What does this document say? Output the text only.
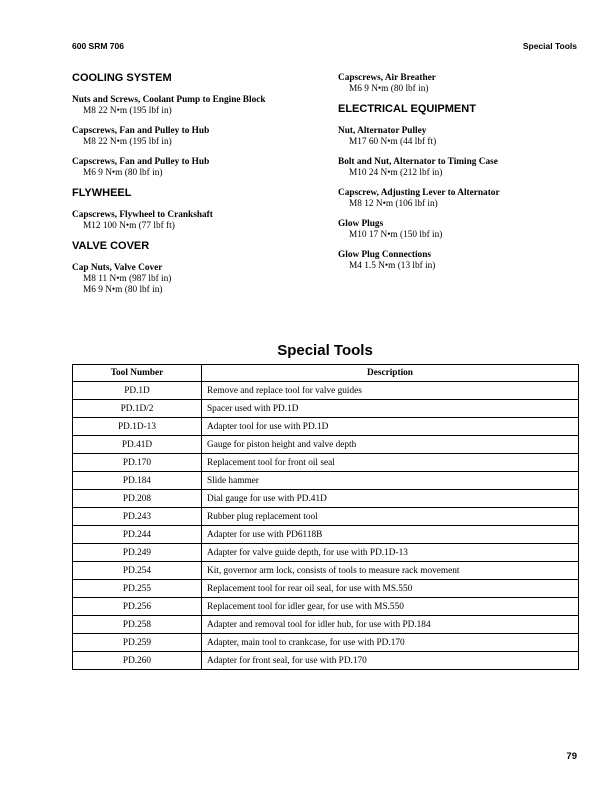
600 SRM 706	Special Tools
COOLING SYSTEM
Nuts and Screws, Coolant Pump to Engine Block
M8 22 N•m (195 lbf in)
Capscrews, Fan and Pulley to Hub
M8 22 N•m (195 lbf in)
Capscrews, Fan and Pulley to Hub
M6 9 N•m (80 lbf in)
FLYWHEEL
Capscrews, Flywheel to Crankshaft
M12 100 N•m (77 lbf ft)
VALVE COVER
Cap Nuts, Valve Cover
M8 11 N•m (987 lbf in)
M6 9 N•m (80 lbf in)
Capscrews, Air Breather
M6 9 N•m (80 lbf in)
ELECTRICAL EQUIPMENT
Nut, Alternator Pulley
M17 60 N•m (44 lbf ft)
Bolt and Nut, Alternator to Timing Case
M10 24 N•m (212 lbf in)
Capscrew, Adjusting Lever to Alternator
M8 12 N•m (106 lbf in)
Glow Plugs
M10 17 N•m (150 lbf in)
Glow Plug Connections
M4 1.5 N•m (13 lbf in)
Special Tools
Tool Number	Description
PD.1D	Remove and replace tool for valve guides
PD.1D/2	Spacer used with PD.1D
PD.1D-13	Adapter tool for use with PD.1D
PD.41D	Gauge for piston height and valve depth
PD.170	Replacement tool for front oil seal
PD.184	Slide hammer
PD.208	Dial gauge for use with PD.41D
PD.243	Rubber plug replacement tool
PD.244	Adapter for use with PD6118B
PD.249	Adapter for valve guide depth, for use with PD.1D-13
PD.254	Kit, governor arm lock, consists of tools to measure rack movement
PD.255	Replacement tool for rear oil seal, for use with MS.550
PD.256	Replacement tool for idler gear, for use with MS.550
PD.258	Adapter and removal tool for idler hub, for use with PD.184
PD.259	Adapter, main tool to crankcase, for use with PD.170
PD.260	Adapter for front seal, for use with PD.170
79
